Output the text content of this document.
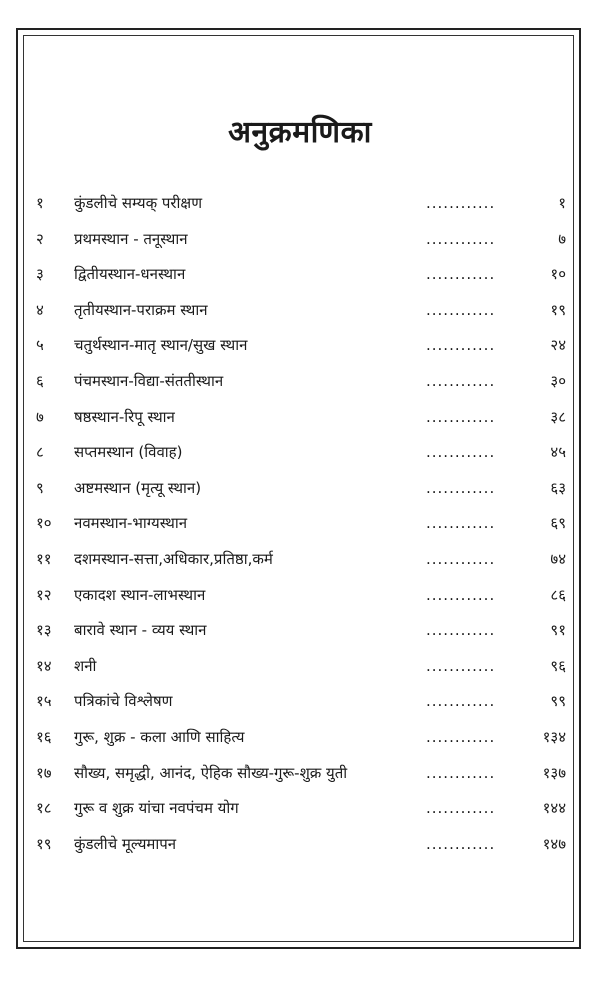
अनुक्रमणिका
१	कुंडलीचे सम्यक् परीक्षण	............	१
२	प्रथमस्थान - तनूस्थान	............	७
३	द्वितीयस्थान-धनस्थान	............	१०
४	तृतीयस्थान-पराक्रम स्थान	............	१९
५	चतुर्थस्थान-मातृ स्थान/सुख स्थान	............	२४
६	पंचमस्थान-विद्या-संततीस्थान	............	३०
७	षष्ठस्थान-रिपू स्थान	............	३८
८	सप्तमस्थान (विवाह)	............	४५
९	अष्टमस्थान (मृत्यू स्थान)	............	६३
१०	नवमस्थान-भाग्यस्थान	............	६९
११	दशमस्थान-सत्ता,अधिकार,प्रतिष्ठा,कर्म	............	७४
१२	एकादश स्थान-लाभस्थान	............	८६
१३	बारावे स्थान - व्यय स्थान	............	९१
१४	शनी	............	९६
१५	पत्रिकांचे विश्लेषण	............	९९
१६	गुरू, शुक्र - कला आणि साहित्य	............	१३४
१७	सौख्य, समृद्धी, आनंद, ऐहिक सौख्य-गुरू-शुक्र युती	............	१३७
१८	गुरू व शुक्र यांचा नवपंचम योग	............	१४४
१९	कुंडलीचे मूल्यमापन	............	१४७
